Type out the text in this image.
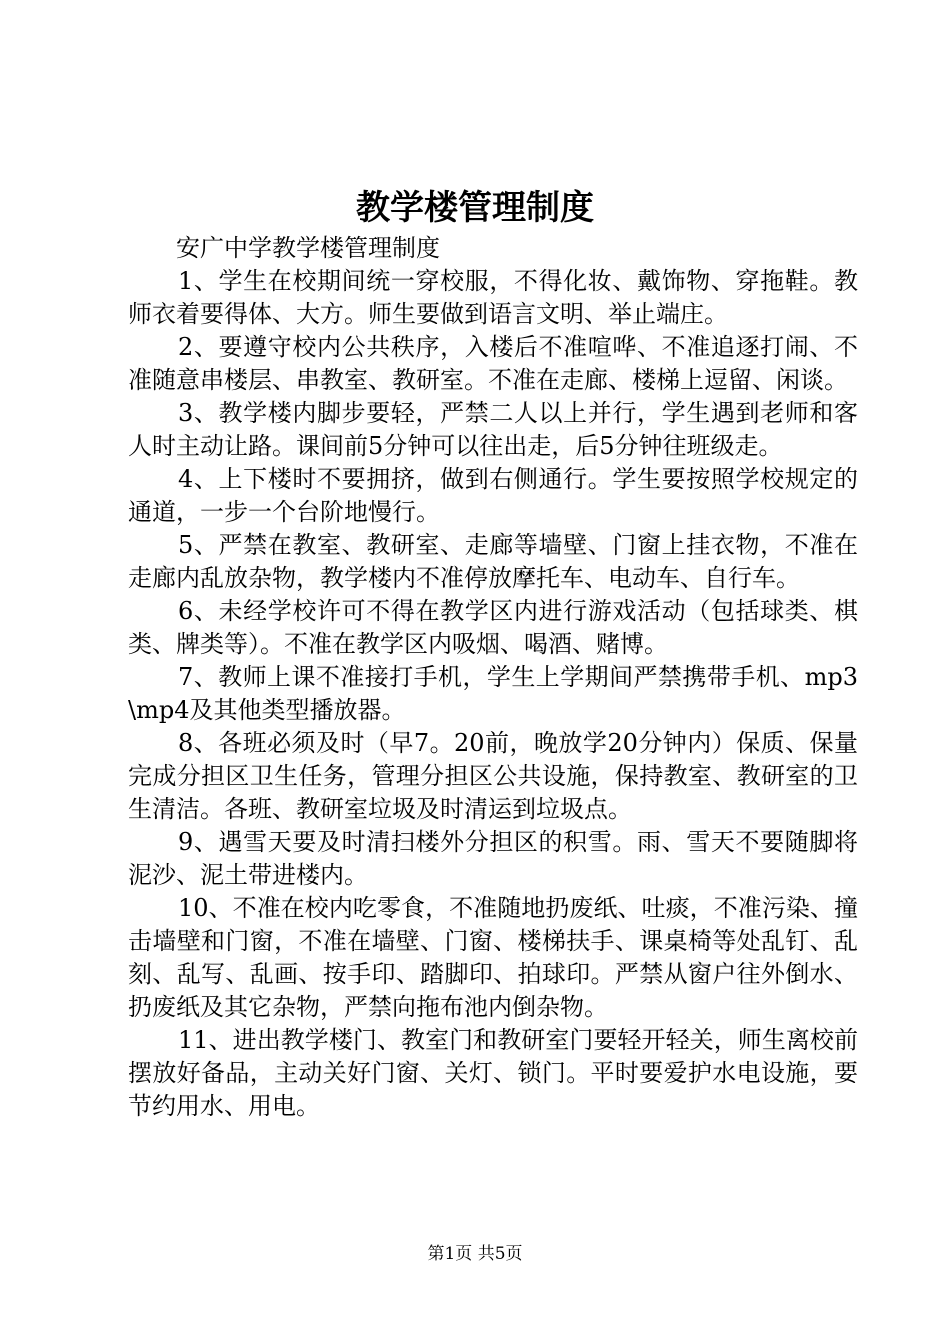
教学楼管理制度

安广中学教学楼管理制度

1、学生在校期间统一穿校服，不得化妆、戴饰物、穿拖鞋。教师衣着要得体、大方。师生要做到语言文明、举止端庄。

2、要遵守校内公共秩序，入楼后不准喧哗、不准追逐打闹、不准随意串楼层、串教室、教研室。不准在走廊、楼梯上逗留、闲谈。

3、教学楼内脚步要轻，严禁二人以上并行，学生遇到老师和客人时主动让路。课间前5分钟可以往出走，后5分钟往班级走。

4、上下楼时不要拥挤，做到右侧通行。学生要按照学校规定的通道，一步一个台阶地慢行。

5、严禁在教室、教研室、走廊等墙壁、门窗上挂衣物，不准在走廊内乱放杂物，教学楼内不准停放摩托车、电动车、自行车。

6、未经学校许可不得在教学区内进行游戏活动（包括球类、棋类、牌类等）。不准在教学区内吸烟、喝酒、赌博。

7、教师上课不准接打手机，学生上学期间严禁携带手机、mp3\mp4及其他类型播放器。

8、各班必须及时（早7。20前，晚放学20分钟内）保质、保量完成分担区卫生任务，管理分担区公共设施，保持教室、教研室的卫生清洁。各班、教研室垃圾及时清运到垃圾点。

9、遇雪天要及时清扫楼外分担区的积雪。雨、雪天不要随脚将泥沙、泥土带进楼内。

10、不准在校内吃零食，不准随地扔废纸、吐痰，不准污染、撞击墙壁和门窗，不准在墙壁、门窗、楼梯扶手、课桌椅等处乱钉、乱刻、乱写、乱画、按手印、踏脚印、拍球印。严禁从窗户往外倒水、扔废纸及其它杂物，严禁向拖布池内倒杂物。

11、进出教学楼门、教室门和教研室门要轻开轻关，师生离校前摆放好备品，主动关好门窗、关灯、锁门。平时要爱护水电设施，要节约用水、用电。

第1页 共5页
